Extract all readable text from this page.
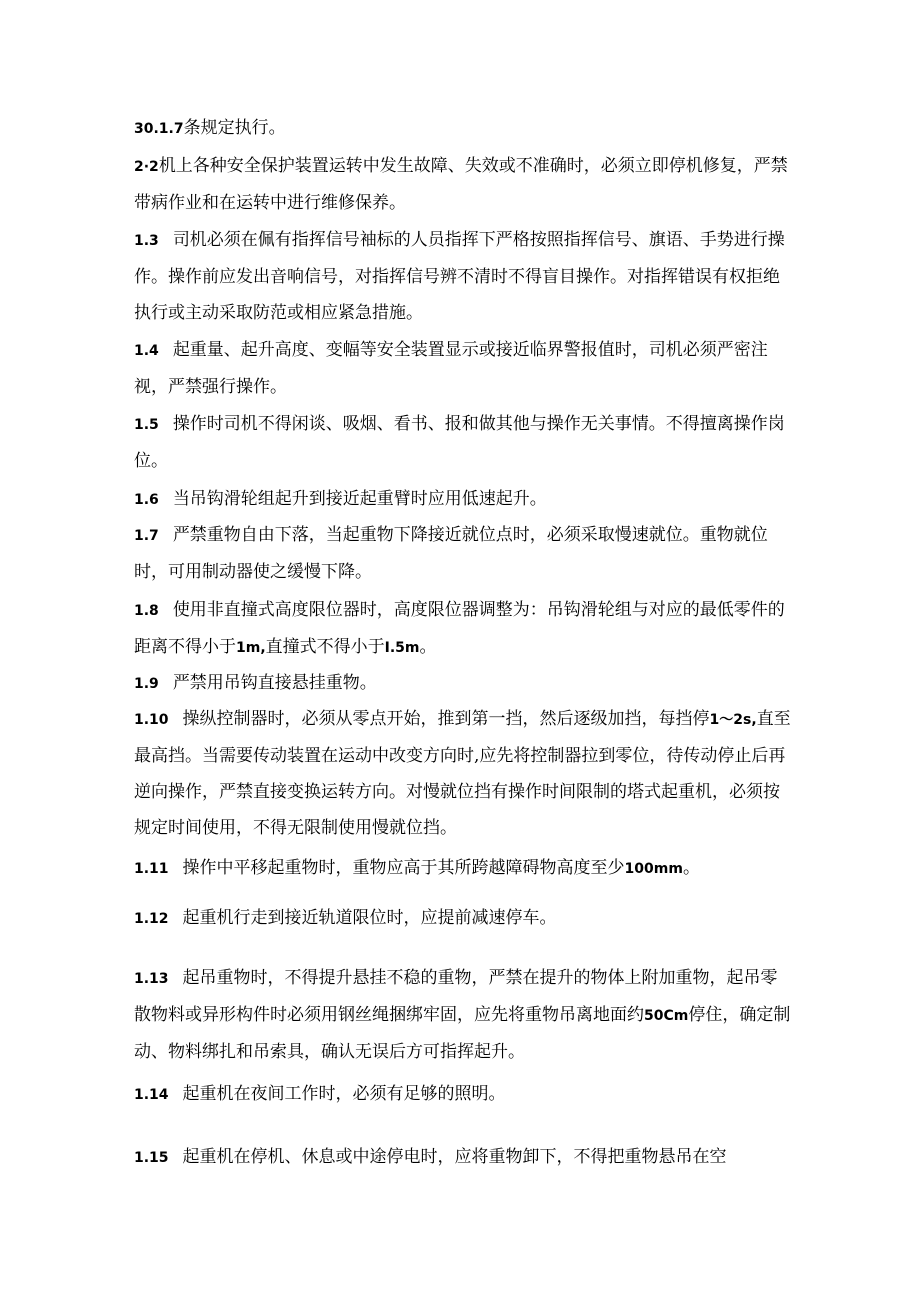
30.1.7条规定执行。

2·2机上各种安全保护装置运转中发生故障、失效或不准确时，必须立即停机修复，严禁带病作业和在运转中进行维修保养。

1.3 司机必须在佩有指挥信号袖标的人员指挥下严格按照指挥信号、旗语、手势进行操作。操作前应发出音响信号，对指挥信号辨不清时不得盲目操作。对指挥错误有权拒绝执行或主动采取防范或相应紧急措施。

1.4 起重量、起升高度、变幅等安全装置显示或接近临界警报值时，司机必须严密注视，严禁强行操作。

1.5 操作时司机不得闲谈、吸烟、看书、报和做其他与操作无关事情。不得擅离操作岗位。

1.6 当吊钩滑轮组起升到接近起重臂时应用低速起升。

1.7 严禁重物自由下落，当起重物下降接近就位点时，必须采取慢速就位。重物就位时，可用制动器使之缓慢下降。

1.8 使用非直撞式高度限位器时，高度限位器调整为：吊钩滑轮组与对应的最低零件的距离不得小于1m,直撞式不得小于I.5m。

1.9 严禁用吊钩直接悬挂重物。

1.10 操纵控制器时，必须从零点开始，推到第一挡，然后逐级加挡，每挡停1～2s,直至最高挡。当需要传动装置在运动中改变方向时,应先将控制器拉到零位，待传动停止后再逆向操作，严禁直接变换运转方向。对慢就位挡有操作时间限制的塔式起重机，必须按规定时间使用，不得无限制使用慢就位挡。

1.11 操作中平移起重物时，重物应高于其所跨越障碍物高度至少100mm。

1.12 起重机行走到接近轨道限位时，应提前减速停车。

1.13 起吊重物时，不得提升悬挂不稳的重物，严禁在提升的物体上附加重物，起吊零散物料或异形构件时必须用钢丝绳捆绑牢固，应先将重物吊离地面约50Cm停住，确定制动、物料绑扎和吊索具，确认无误后方可指挥起升。

1.14 起重机在夜间工作时，必须有足够的照明。

1.15 起重机在停机、休息或中途停电时，应将重物卸下，不得把重物悬吊在空
